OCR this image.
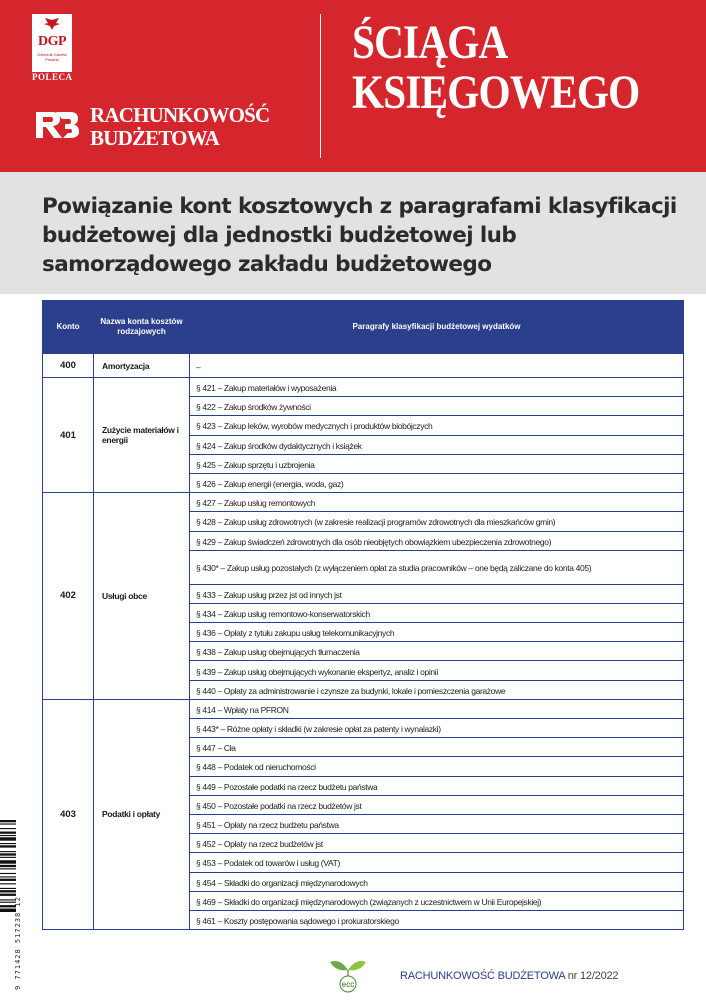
DGP
Dziennik Gazeta Prawna
POLECA
RACHUNKOWOŚĆ
BUDŻETOWA
ŚCIĄGA
KSIĘGOWEGO
Powiązanie kont kosztowych z paragrafami klasyfikacji budżetowej dla jednostki budżetowej lub samorządowego zakładu budżetowego
Konto	Nazwa konta kosztów rodzajowych	Paragrafy klasyfikacji budżetowej wydatków
400	Amortyzacja	–
401	Zużycie materiałów i energii	§ 421 – Zakup materiałów i wyposażenia
		§ 422 – Zakup środków żywności
		§ 423 – Zakup leków, wyrobów medycznych i produktów biobójczych
		§ 424 – Zakup środków dydaktycznych i książek
		§ 425 – Zakup sprzętu i uzbrojenia
		§ 426 – Zakup energii (energia, woda, gaz)
402	Usługi obce	§ 427 – Zakup usług remontowych
		§ 428 – Zakup usług zdrowotnych (w zakresie realizacji programów zdrowotnych dla mieszkańców gmin)
		§ 429 – Zakup świadczeń zdrowotnych dla osób nieobjętych obowiązkiem ubezpieczenia zdrowotnego)
		§ 430* – Zakup usług pozostałych (z wyłączeniem opłat za studia pracowników – one będą zaliczane do konta 405)
		§ 433 – Zakup usług przez jst od innych jst
		§ 434 – Zakup usług remontowo-konserwatorskich
		§ 436 – Opłaty z tytułu zakupu usług telekomunikacyjnych
		§ 438 – Zakup usług obejmujących tłumaczenia
		§ 439 – Zakup usług obejmujących wykonanie ekspertyz, analiz i opinii
		§ 440 – Opłaty za administrowanie i czynsze za budynki, lokale i pomieszczenia garażowe
403	Podatki i opłaty	§ 414 – Wpłaty na PFRON
		§ 443* – Różne opłaty i składki (w zakresie opłat za patenty i wynalazki)
		§ 447 – Cła
		§ 448 – Podatek od nieruchomości
		§ 449 – Pozostałe podatki na rzecz budżetu państwa
		§ 450 – Pozostałe podatki na rzecz budżetów jst
		§ 451 – Opłaty na rzecz budżetu państwa
		§ 452 – Opłaty na rzecz budżetów jst
		§ 453 – Podatek od towarów i usług (VAT)
		§ 454 – Składki do organizacji międzynarodowych
		§ 469 – Składki do organizacji międzynarodowych (związanych z uczestnictwem w Unii Europejskiej)
		§ 461 – Koszty postępowania sądowego i prokuratorskiego
9 771428 517238 12	ecc
RACHUNKOWOŚĆ BUDŻETOWA nr 12/2022
